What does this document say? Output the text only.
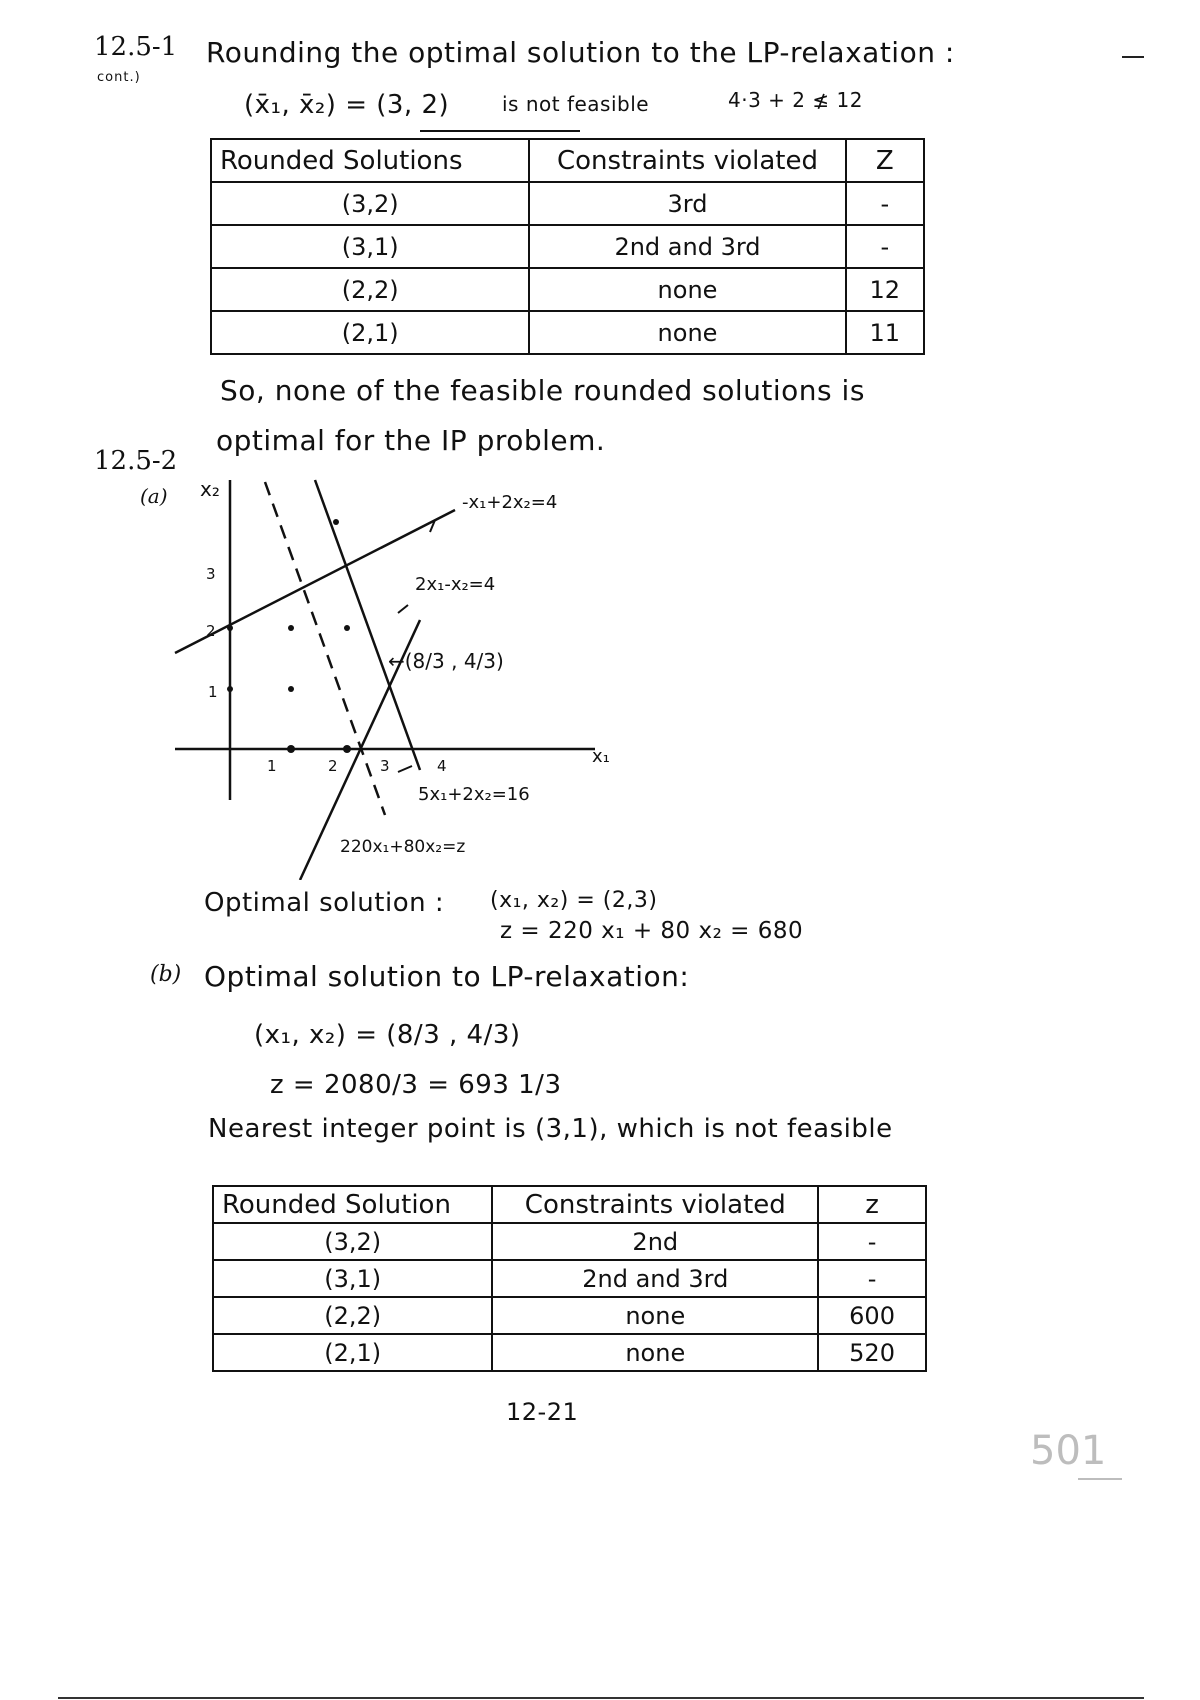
12.5-1
cont.)
Rounding the optimal solution to the LP-relaxation :
(x̄₁, x̄₂) = (3, 2)	is not feasible	4·3 + 2 ≰ 12
Rounded Solutions	Constraints violated	Z
(3,2)	3rd	-
(3,1)	2nd and 3rd	-
(2,2)	none	12
(2,1)	none	11
So, none of the feasible rounded solutions is
optimal for the IP problem.
12.5-2
(a) x₂
x₁
1	2	3	4
1
2
3
-x₁+2x₂=4
2x₁-x₂=4
5x₁+2x₂=16
220x₁+80x₂=z
←(8/3 , 4/3)
Optimal solution : (x₁, x₂) = (2,3)
z = 220 x₁ + 80 x₂ = 680
(b) Optimal solution to LP-relaxation:
(x₁, x₂) = (8/3 , 4/3)
z = 2080/3 = 693 1/3
Nearest integer point is (3,1), which is not feasible
Rounded Solution	Constraints violated	z
(3,2)	2nd	-
(3,1)	2nd and 3rd	-
(2,2)	none	600
(2,1)	none	520
12-21
501
